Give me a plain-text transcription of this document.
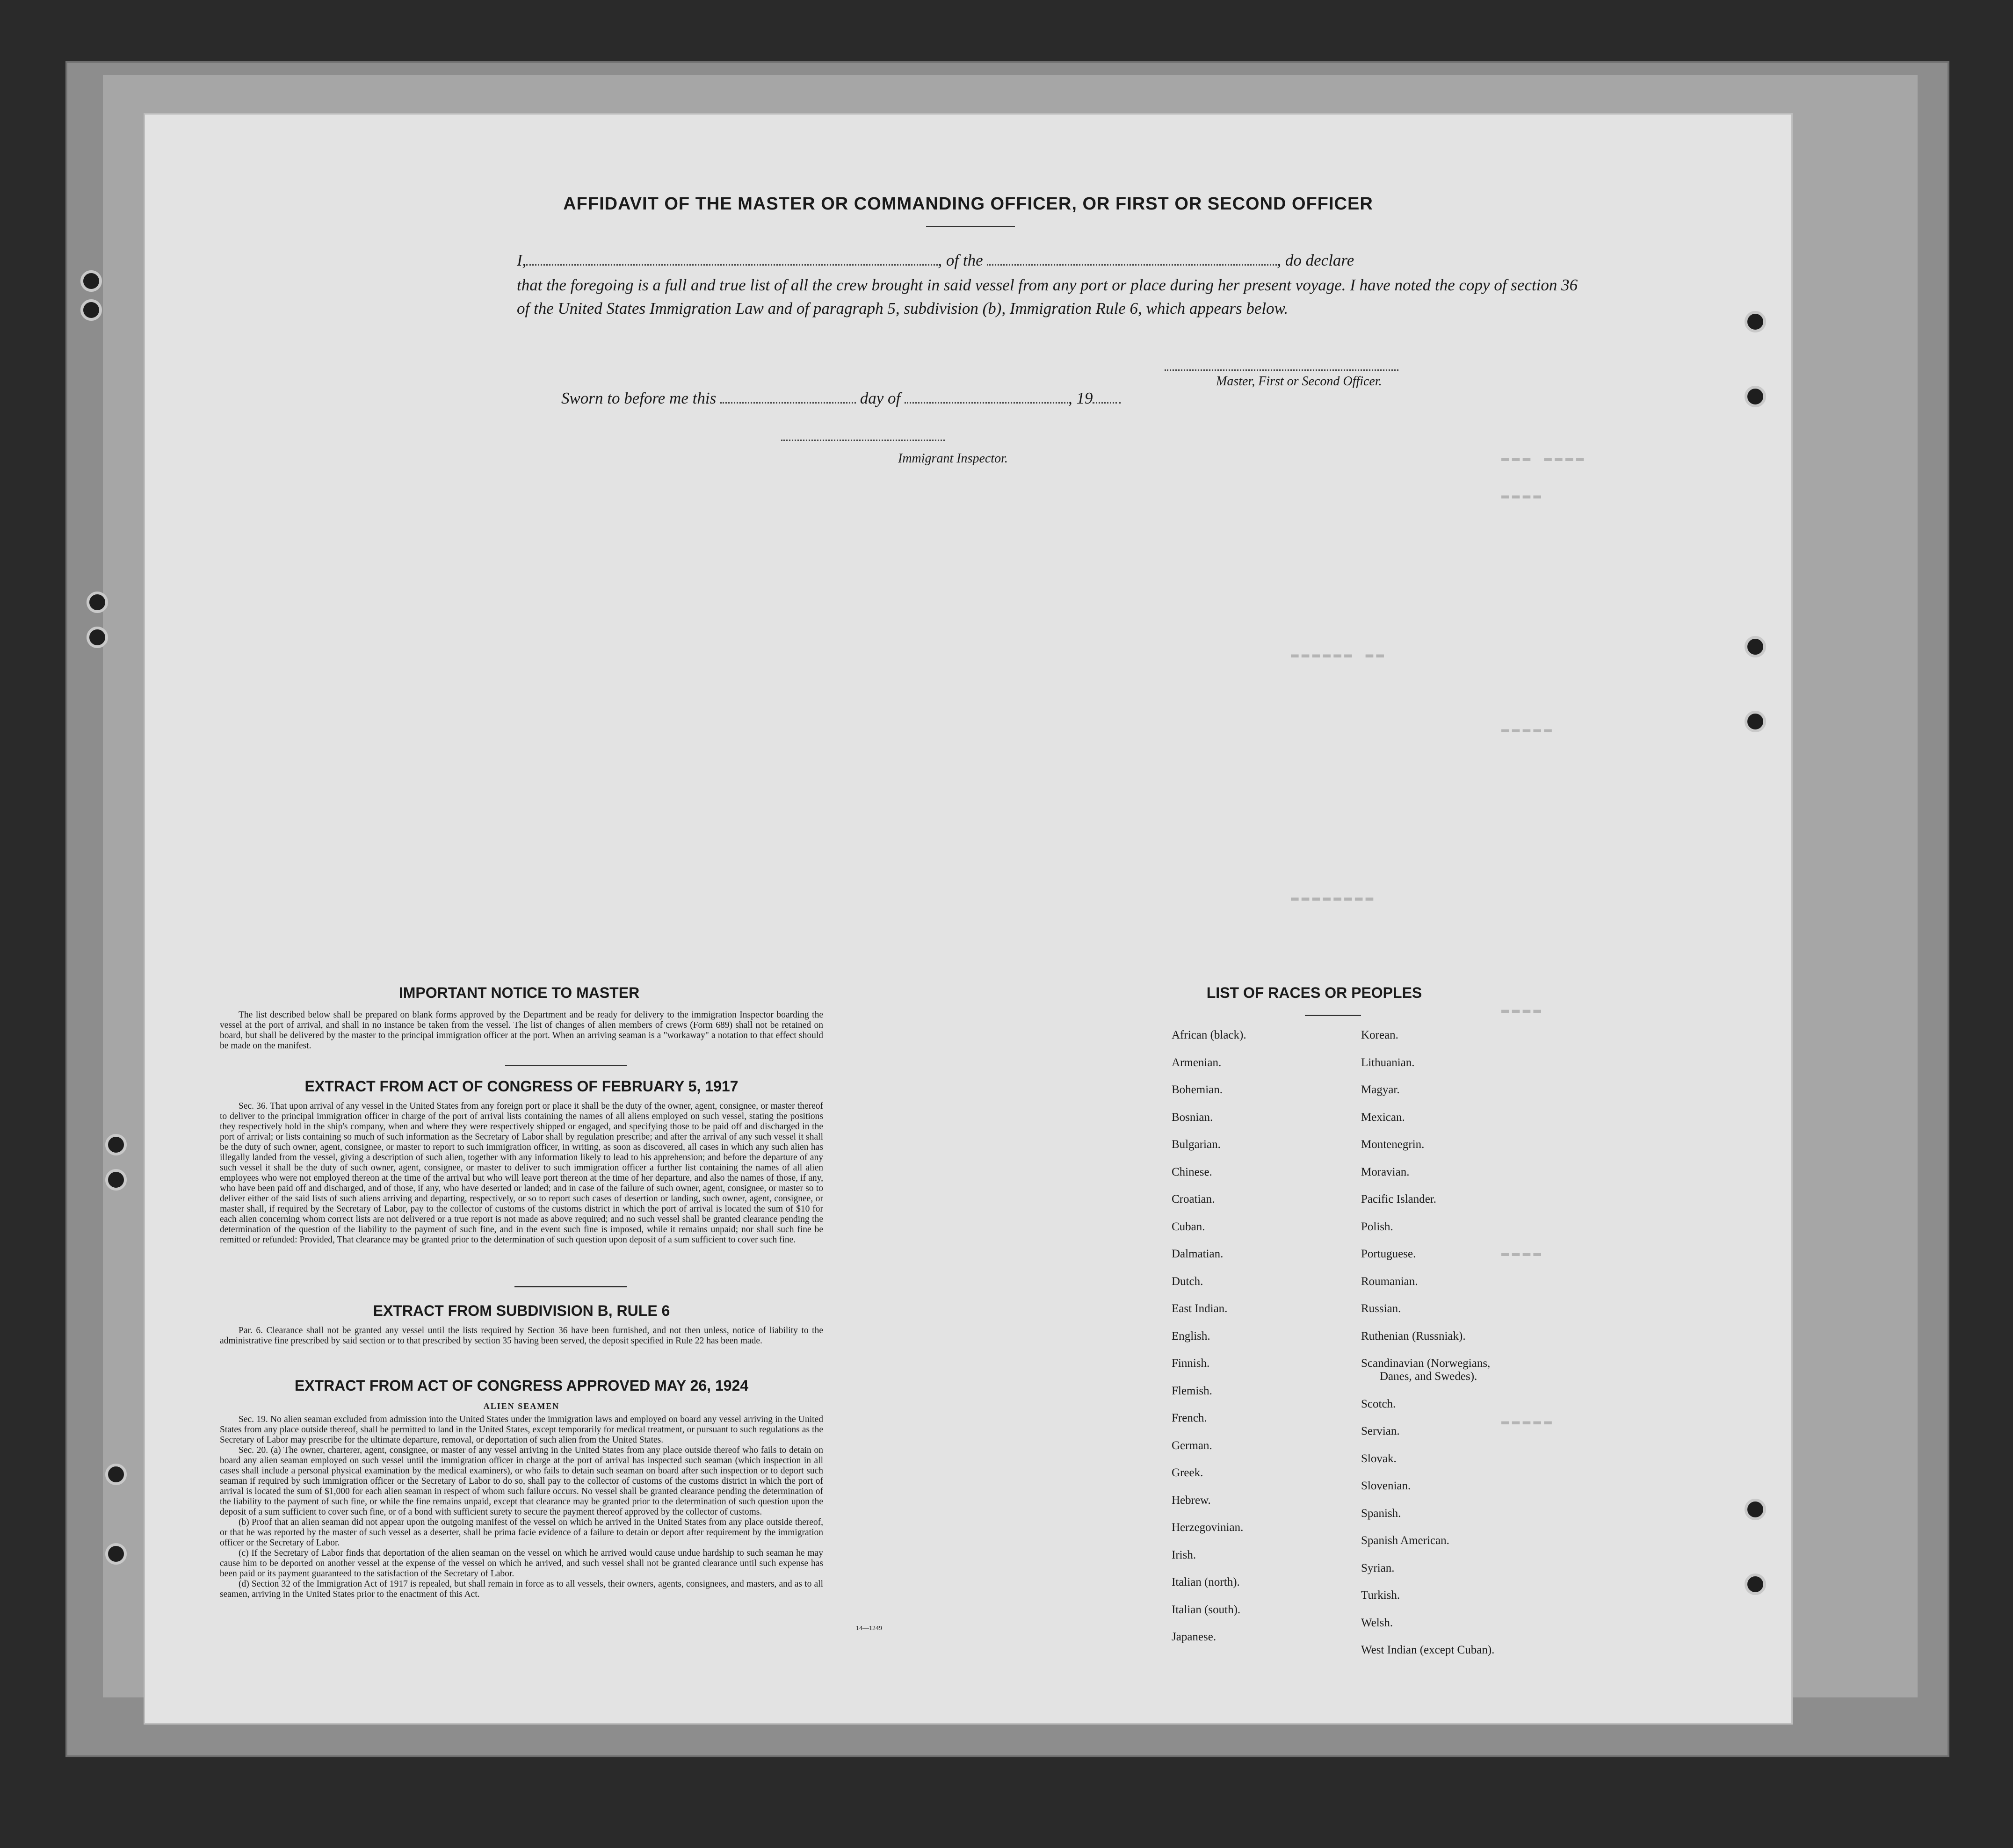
▬▬▬ ▬▬▬▬
▬▬▬▬
▬▬▬▬▬▬ ▬▬
▬▬▬▬▬
▬▬▬▬▬▬▬▬
▬▬▬▬
▬▬▬▬
▬▬▬▬▬
AFFIDAVIT OF THE MASTER OR COMMANDING OFFICER, OR FIRST OR SECOND OFFICER
I,	, of the	, do declare
that the foregoing is a full and true list of all the crew brought in said vessel from any port or place during her present voyage. I have noted the copy of section 36 of the United States Immigration Law and of paragraph 5, subdivision (b), Immigration Rule 6, which appears below.
Master, First or Second Officer.
Sworn to before me this	day of	, 19
Immigrant Inspector.
IMPORTANT NOTICE TO MASTER

The list described below shall be prepared on blank forms approved by the Department and be ready for delivery to the immigration Inspector boarding the vessel at the port of arrival, and shall in no instance be taken from the vessel. The list of changes of alien members of crews (Form 689) shall not be retained on board, but shall be delivered by the master to the principal immigration officer at the port. When an arriving seaman is a "workaway" a notation to that effect should be made on the manifest.

EXTRACT FROM ACT OF CONGRESS OF FEBRUARY 5, 1917

Sec. 36. That upon arrival of any vessel in the United States from any foreign port or place it shall be the duty of the owner, agent, consignee, or master thereof to deliver to the principal immigration officer in charge of the port of arrival lists containing the names of all aliens employed on such vessel, stating the positions they respectively hold in the ship's company, when and where they were respectively shipped or engaged, and specifying those to be paid off and discharged in the port of arrival; or lists containing so much of such information as the Secretary of Labor shall by regulation prescribe; and after the arrival of any such vessel it shall be the duty of such owner, agent, consignee, or master to report to such immigration officer, in writing, as soon as discovered, all cases in which any such alien has illegally landed from the vessel, giving a description of such alien, together with any information likely to lead to his apprehension; and before the departure of any such vessel it shall be the duty of such owner, agent, consignee, or master to deliver to such immigration officer a further list containing the names of all alien employees who were not employed thereon at the time of the arrival but who will leave port thereon at the time of her departure, and also the names of those, if any, who have been paid off and discharged, and of those, if any, who have deserted or landed; and in case of the failure of such owner, agent, consignee, or master so to deliver either of the said lists of such aliens arriving and departing, respectively, or so to report such cases of desertion or landing, such owner, agent, consignee, or master shall, if required by the Secretary of Labor, pay to the collector of customs of the customs district in which the port of arrival is located the sum of $10 for each alien concerning whom correct lists are not delivered or a true report is not made as above required; and no such vessel shall be granted clearance pending the determination of the question of the liability to the payment of such fine, and in the event such fine is imposed, while it remains unpaid; nor shall such fine be remitted or refunded: Provided, That clearance may be granted prior to the determination of such question upon deposit of a sum sufficient to cover such fine.

EXTRACT FROM SUBDIVISION B, RULE 6

Par. 6. Clearance shall not be granted any vessel until the lists required by Section 36 have been furnished, and not then unless, notice of liability to the administrative fine prescribed by said section or to that prescribed by section 35 having been served, the deposit specified in Rule 22 has been made.

EXTRACT FROM ACT OF CONGRESS APPROVED MAY 26, 1924
ALIEN SEAMEN

Sec. 19. No alien seaman excluded from admission into the United States under the immigration laws and employed on board any vessel arriving in the United States from any place outside thereof, shall be permitted to land in the United States, except temporarily for medical treatment, or pursuant to such regulations as the Secretary of Labor may prescribe for the ultimate departure, removal, or deportation of such alien from the United States.

Sec. 20. (a) The owner, charterer, agent, consignee, or master of any vessel arriving in the United States from any place outside thereof who fails to detain on board any alien seaman employed on such vessel until the immigration officer in charge at the port of arrival has inspected such seaman (which inspection in all cases shall include a personal physical examination by the medical examiners), or who fails to detain such seaman on board after such inspection or to deport such seaman if required by such immigration officer or the Secretary of Labor to do so, shall pay to the collector of customs of the customs district in which the port of arrival is located the sum of $1,000 for each alien seaman in respect of whom such failure occurs. No vessel shall be granted clearance pending the determination of the liability to the payment of such fine, or while the fine remains unpaid, except that clearance may be granted prior to the determination of such question upon the deposit of a sum sufficient to cover such fine, or of a bond with sufficient surety to secure the payment thereof approved by the collector of customs.

(b) Proof that an alien seaman did not appear upon the outgoing manifest of the vessel on which he arrived in the United States from any place outside thereof, or that he was reported by the master of such vessel as a deserter, shall be prima facie evidence of a failure to detain or deport after requirement by the immigration officer or the Secretary of Labor.

(c) If the Secretary of Labor finds that deportation of the alien seaman on the vessel on which he arrived would cause undue hardship to such seaman he may cause him to be deported on another vessel at the expense of the vessel on which he arrived, and such vessel shall not be granted clearance until such expense has been paid or its payment guaranteed to the satisfaction of the Secretary of Labor.

(d) Section 32 of the Immigration Act of 1917 is repealed, but shall remain in force as to all vessels, their owners, agents, consignees, and masters, and as to all seamen, arriving in the United States prior to the enactment of this Act.

14—1249
LIST OF RACES OR PEOPLES
African (black).
Armenian.
Bohemian.
Bosnian.
Bulgarian.
Chinese.
Croatian.
Cuban.
Dalmatian.
Dutch.
East Indian.
English.
Finnish.
Flemish.
French.
German.
Greek.
Hebrew.
Herzegovinian.
Irish.
Italian (north).
Italian (south).
Japanese.
Korean.
Lithuanian.
Magyar.
Mexican.
Montenegrin.
Moravian.
Pacific Islander.
Polish.
Portuguese.
Roumanian.
Russian.
Ruthenian (Russniak).
Scandinavian (Norwegians,
Danes, and Swedes).
Scotch.
Servian.
Slovak.
Slovenian.
Spanish.
Spanish American.
Syrian.
Turkish.
Welsh.
West Indian (except Cuban).
